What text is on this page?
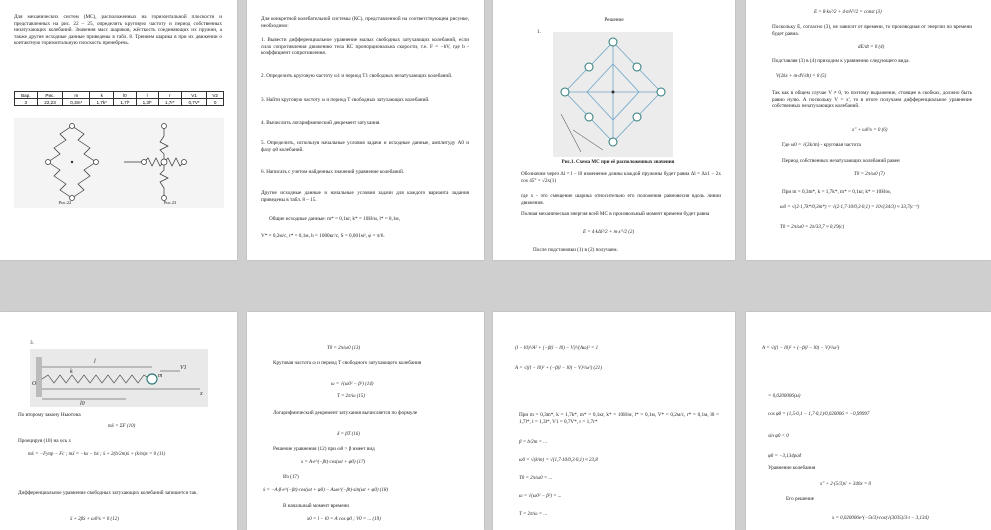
Для механических систем (МС), расположенных на горизонтальной плоскости и представленных на рис. 22 – 25, определить круговую частоту и период собственных незатухающих колебаний. Значения масс шариков, жёсткость соединяющих их пружин, а также другие исходные данные приведены в табл. 8. Трением шарика в при их движении о контактную горизонтальную плоскость пренебречь.
Вар.	Рис.	m	k	l0	l	r	V1	V2
3	22,23	0,3m*	1,7k*	1,7l*	1,3l*	1,7r*	0,7V*	0
Рис.22	Рис.23
Для конкретной колебательной системы (КС), представленной на соответствующем рисунке, необходимо:
1. Вывести дифференциальное уравнение малых свободных затухающих колебаний, если сила сопротивления движению тела КС пропорциональна скорости, т.е. F = −bV, где b - коэффициент сопротивления.
2. Определить круговую частоту ω1 и период T1 свободных незатухающих колебаний.
3. Найти круговую частоту ω и период T свободных затухающих колебаний.
4. Вычислить логарифмический декремент затухания.
5. Определить, используя начальные условия задачи и исходные данные, амплитуду A0 и фазу φ0 колебаний.
6. Написать с учетом найденных значений уравнение колебаний.
Другие исходные данные и начальные условия задачи для каждого варианта задания приведены в табл. 8 – 15.
Общие исходные данные: m* = 0,1кг, k* = 10Н/м, l* = 0,1м,
V* = 0,2м/с, r* = 0,1м, b = 1000кг/с, S = 0,001м², φ = π/6.
Решение
1.
Рис.1. Схема МС при её расположенных значения
Обозначим через Δl = l − l0 изменение длины каждой пружины будет равна Δl = Δx1 − 2x cos 45° = √2x(1)
где x - это смещение шарика относительно его положения равновесия вдоль линии движения.
Полная механическая энергия всей МС в произвольный момент времени будет равна
E = 4·kΔl²/2 + m·x'²/2 (2)
После подстановки (1) в (2) получаем.
E = 8·kx²/2 + 4·mV²/2 = const (3)
Поскольку E, согласно (3), не зависит от времени, то производная от энергии по времени будет равна.
dE/dt = 0 (4)
Подставляя (3) в (4) приходим к уравнению следующего вида.
V(2kx + m·dV/dt) = 0 (5)
Так как в общем случае V ≠ 0, то поэтому выражение, стоящее в скобках, должно быть равно нулю. А поскольку V = x', то в итоге получаем дифференциальное уравнение собственных незатухающих колебаний.
x'' + ω0²x = 0 (6)
Где ω0 = √(2k/m) - круговая частота
Период собственных незатухающих колебаний равен
T0 = 2π/ω0 (7)
При m = 0,3m*, k = 1,7k*, m* = 0,1кг, k* = 10Н/м,
ω0 = √(2·1,7k*/0,3m*) = √(2·1,7·10/0,3·0,1) = 10√(34/3) ≈ 33,7(c⁻¹)
T0 = 2π/ω0 = 2π/33,7 ≈ 0,19(c)
3.
O
l
l0
k
m
V1
x
По второму закону Ньютона
mẍ = ΣF (10)
Проецируя (10) на ось x
mẍ = −Fупр − Fс ; mẍ = −kx − bẋ ; ẍ + 2(b/2m)ẋ + (k/m)x = 0 (11)
Дифференциальное уравнение свободных затухающих колебаний запишется так.
ẍ + 2βẋ + ω0²x = 0 (12)
T0 = 2π/ω0 (13)
Круговая частота ω и период T свободного затухающего колебания
ω = √(ω0² − β²) (14)
T = 2π/ω (15)
Логарифмический декремент затухания вычисляется по формуле
δ = βT (16)
Решение уравнения (12) при ω0 > β имеет вид
x = A·e^(−βt)·cos(ωt + φ0) (17)
Из (17)
ẋ = −A·β·e^(−βt)·cos(ωt + φ0) − Aωe^(−βt)·sin(ωt + φ0) (18)
В начальный момент времени
x0 = l − l0 = A cos φ0 ; V0 = ... (19)
(l − l0)²/A² + (−β(l − l0) − V)²/(Aω)² = 1
A = √((l − l0)² + (−β(l − l0) − V)²/ω²) (21)
При m = 0,3m*, k = 1,7k*, m* = 0,1кг, k* = 10Н/м, l* = 0,1м, V* = 0,2м/с, r* = 0,1м, l0 = 1,7l*, l = 1,3l*, V1 = 0,7V*, r = 1,7r*
β = b/2m = ...
ω0 = √(k/m) = √(1,7·10/0,3·0,1) ≈ 23,8
T0 = 2π/ω0 = ...
ω = √(ω0² − β²) = ...
T = 2π/ω = ...
A = √((l − l0)² + (−β(l − l0) − V)²/ω²)
= 0,0200006(м)
cos φ0 = (1,5·0,1 − 1,7·0,1)/0,020006 = −0,99997
sin φ0 < 0
φ0 = −3,134рад
Уравнение колебания
x'' + 2·(5/3)x' + 340x = 0
Его решение
x = 0,020006e^(−5t/3)·cos(√(3035)/3·t − 3,134)
